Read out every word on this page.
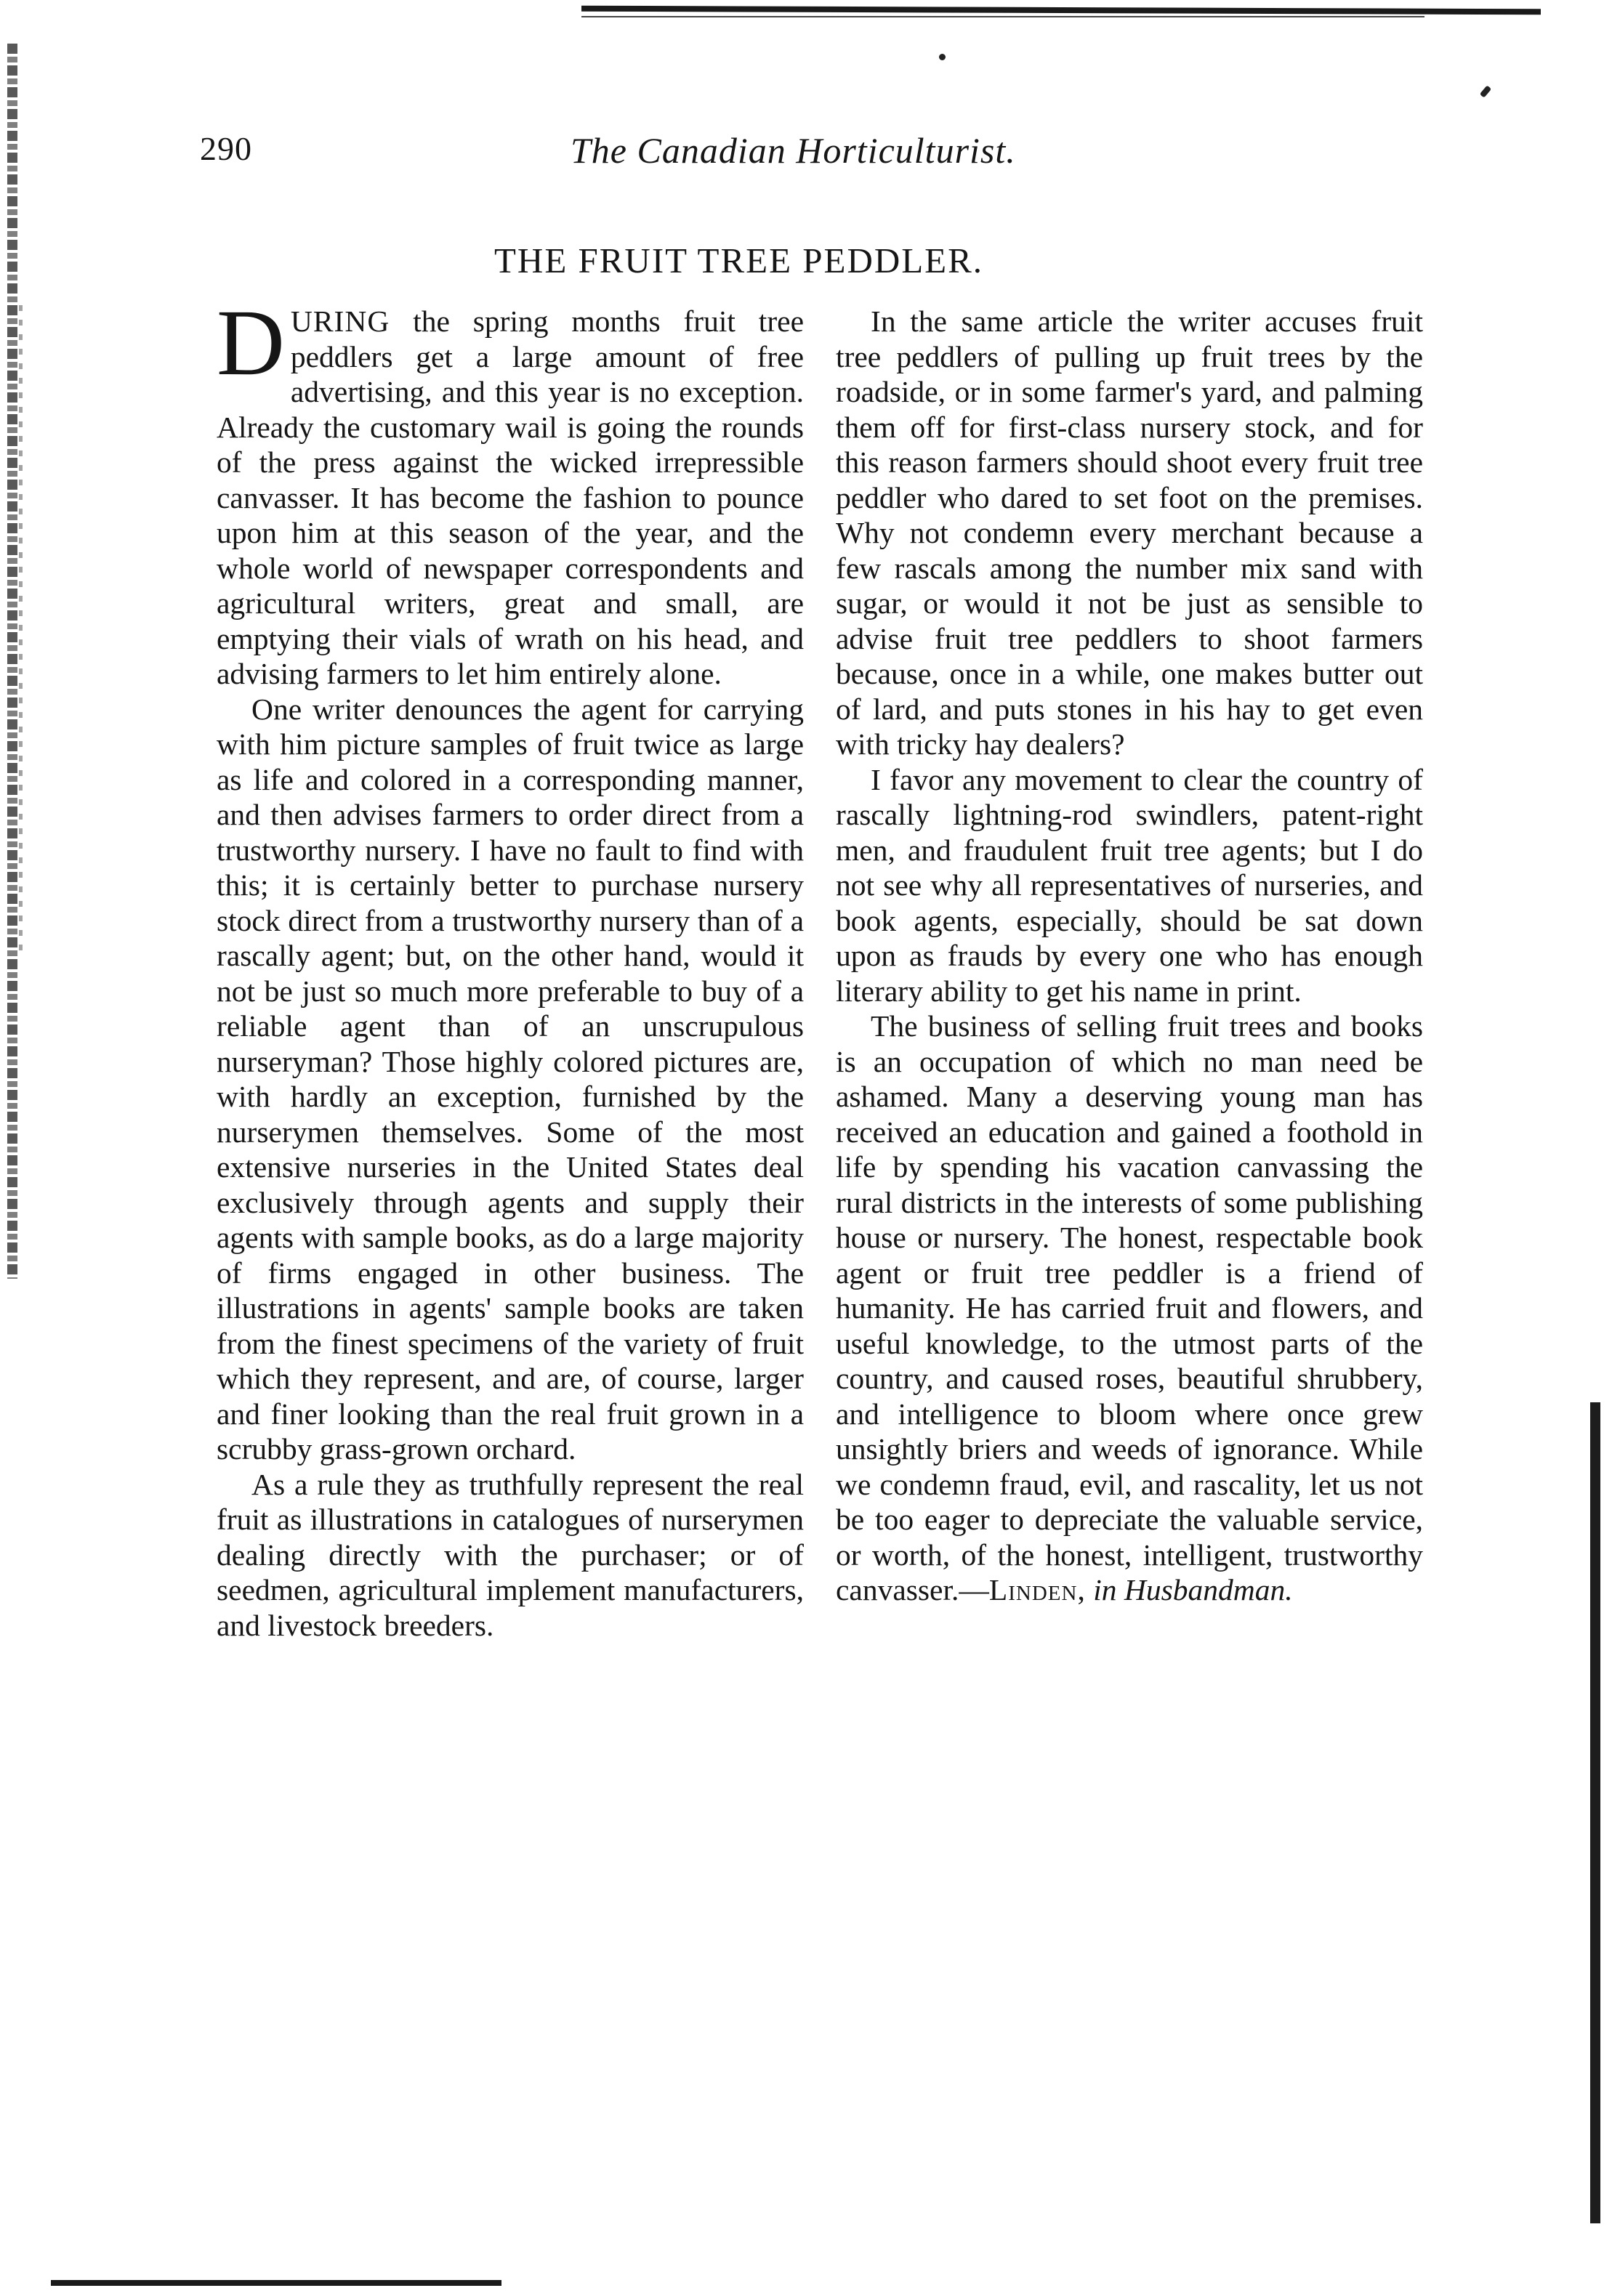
290	The Canadian Horticulturist.
THE FRUIT TREE PEDDLER.

DURING the spring months fruit tree peddlers get a large amount of free advertising, and this year is no exception. Already the customary wail is going the rounds of the press against the wicked irrepressible canvasser. It has become the fashion to pounce upon him at this season of the year, and the whole world of newspaper correspondents and agricultural writers, great and small, are emptying their vials of wrath on his head, and advising farmers to let him entirely alone.

One writer denounces the agent for carrying with him picture samples of fruit twice as large as life and colored in a corresponding manner, and then advises farmers to order direct from a trustworthy nursery. I have no fault to find with this; it is certainly better to purchase nursery stock direct from a trustworthy nursery than of a rascally agent; but, on the other hand, would it not be just so much more preferable to buy of a reliable agent than of an unscrupulous nurseryman? Those highly colored pictures are, with hardly an exception, furnished by the nurserymen themselves. Some of the most extensive nurseries in the United States deal exclusively through agents and supply their agents with sample books, as do a large majority of firms engaged in other business. The illustrations in agents' sample books are taken from the finest specimens of the variety of fruit which they represent, and are, of course, larger and finer looking than the real fruit grown in a scrubby grass-grown orchard.

As a rule they as truthfully represent the real fruit as illustrations in catalogues of nurserymen dealing directly with the purchaser; or of seedmen, agricultural implement manufacturers, and livestock breeders.

In the same article the writer accuses fruit tree peddlers of pulling up fruit trees by the roadside, or in some farmer's yard, and palming them off for first-class nursery stock, and for this reason farmers should shoot every fruit tree peddler who dared to set foot on the premises. Why not condemn every merchant because a few rascals among the number mix sand with sugar, or would it not be just as sensible to advise fruit tree peddlers to shoot farmers because, once in a while, one makes butter out of lard, and puts stones in his hay to get even with tricky hay dealers?

I favor any movement to clear the country of rascally lightning-rod swindlers, patent-right men, and fraudulent fruit tree agents; but I do not see why all representatives of nurseries, and book agents, especially, should be sat down upon as frauds by every one who has enough literary ability to get his name in print.

The business of selling fruit trees and books is an occupation of which no man need be ashamed. Many a deserving young man has received an education and gained a foothold in life by spending his vacation canvassing the rural districts in the interests of some publishing house or nursery. The honest, respectable book agent or fruit tree peddler is a friend of humanity. He has carried fruit and flowers, and useful knowledge, to the utmost parts of the country, and caused roses, beautiful shrubbery, and intelligence to bloom where once grew unsightly briers and weeds of ignorance. While we condemn fraud, evil, and rascality, let us not be too eager to depreciate the valuable service, or worth, of the honest, intelligent, trustworthy canvasser.—Linden, in Husbandman.
